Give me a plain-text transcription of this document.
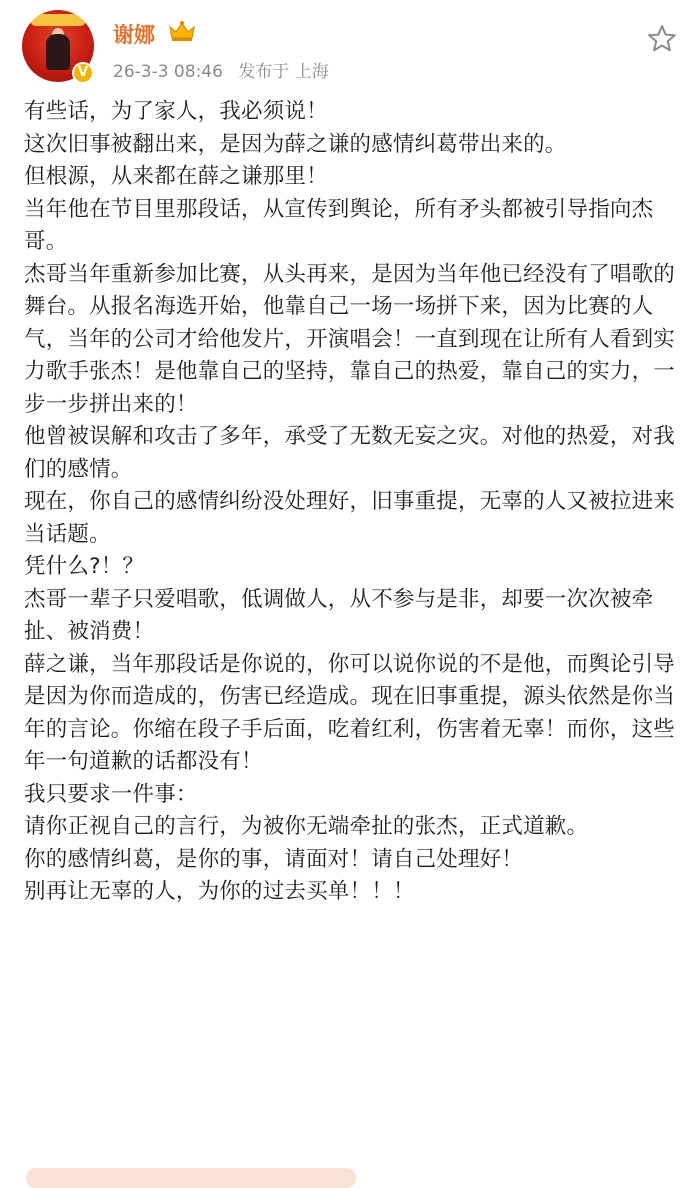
V
谢娜
26-3-3 08:46 发布于 上海

有些话，为了家人，我必须说！

这次旧事被翻出来，是因为薛之谦的感情纠葛带出来的。

但根源，从来都在薛之谦那里！

当年他在节目里那段话，从宣传到舆论，所有矛头都被引导指向杰哥。

杰哥当年重新参加比赛，从头再来，是因为当年他已经没有了唱歌的舞台。从报名海选开始，他靠自己一场一场拼下来，因为比赛的人气，当年的公司才给他发片，开演唱会！一直到现在让所有人看到实力歌手张杰！是他靠自己的坚持，靠自己的热爱，靠自己的实力，一步一步拼出来的！

他曾被误解和攻击了多年，承受了无数无妄之灾。对他的热爱，对我们的感情。

现在，你自己的感情纠纷没处理好，旧事重提，无辜的人又被拉进来当话题。

凭什么?！？

杰哥一辈子只爱唱歌，低调做人，从不参与是非，却要一次次被牵扯、被消费！

薛之谦，当年那段话是你说的，你可以说你说的不是他，而舆论引导是因为你而造成的，伤害已经造成。现在旧事重提，源头依然是你当年的言论。你缩在段子手后面，吃着红利，伤害着无辜！而你，这些年一句道歉的话都没有！

我只要求一件事：

请你正视自己的言行，为被你无端牵扯的张杰，正式道歉。

你的感情纠葛，是你的事，请面对！请自己处理好！

别再让无辜的人，为你的过去买单！！！
